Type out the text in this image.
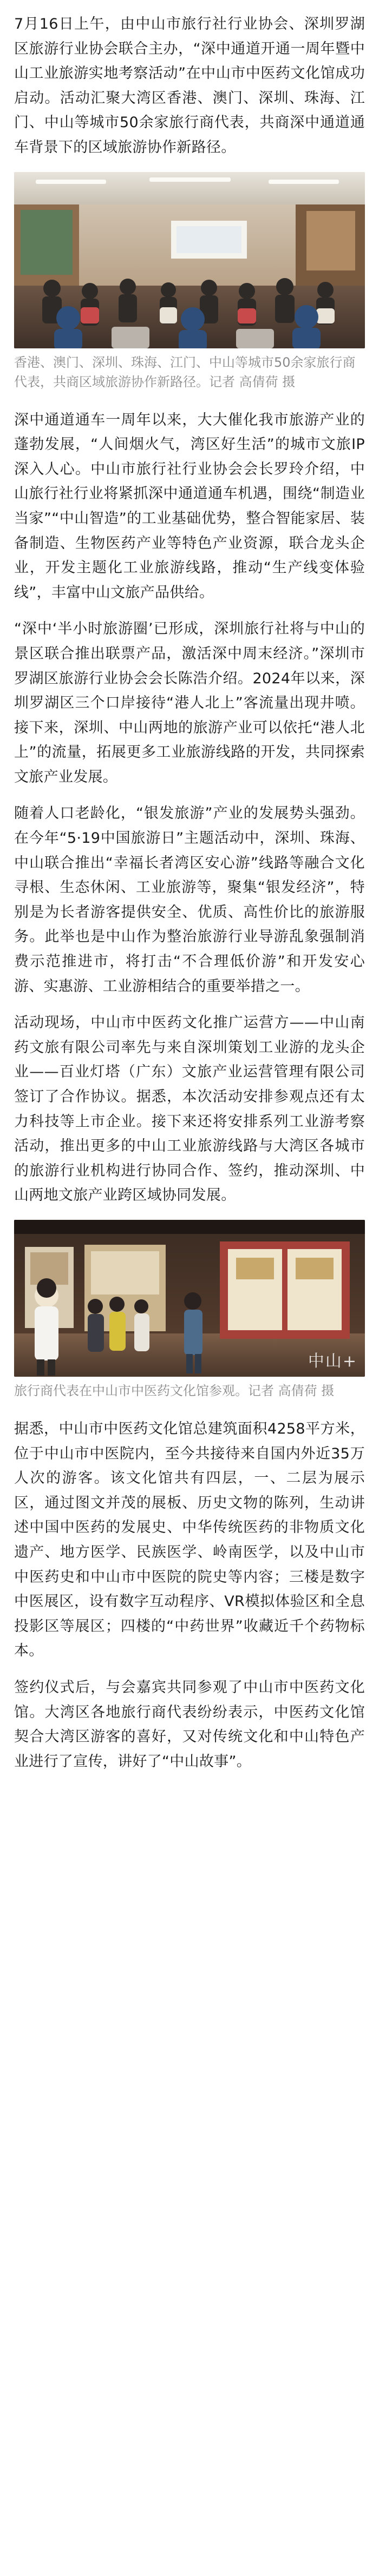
7月16日上午，由中山市旅行社行业协会、深圳罗湖区旅游行业协会联合主办，“深中通道开通一周年暨中山工业旅游实地考察活动”在中山市中医药文化馆成功启动。活动汇聚大湾区香港、澳门、深圳、珠海、江门、中山等城市50余家旅行商代表，共商深中通道通车背景下的区域旅游协作新路径。

香港、澳门、深圳、珠海、江门、中山等城市50余家旅行商代表，共商区域旅游协作新路径。记者 高倩荷 摄

深中通道通车一周年以来，大大催化我市旅游产业的蓬勃发展，“人间烟火气，湾区好生活”的城市文旅IP深入人心。中山市旅行社行业协会会长罗玲介绍，中山旅行社行业将紧抓深中通道通车机遇，围绕“制造业当家”“中山智造”的工业基础优势，整合智能家居、装备制造、生物医药产业等特色产业资源，联合龙头企业，开发主题化工业旅游线路，推动“生产线变体验线”，丰富中山文旅产品供给。

“深中‘半小时旅游圈’已形成，深圳旅行社将与中山的景区联合推出联票产品，激活深中周末经济。”深圳市罗湖区旅游行业协会会长陈浩介绍。2024年以来，深圳罗湖区三个口岸接待“港人北上”客流量出现井喷。接下来，深圳、中山两地的旅游产业可以依托“港人北上”的流量，拓展更多工业旅游线路的开发，共同探索文旅产业发展。

随着人口老龄化，“银发旅游”产业的发展势头强劲。在今年“5·19中国旅游日”主题活动中，深圳、珠海、中山联合推出“幸福长者湾区安心游”线路等融合文化寻根、生态休闲、工业旅游等，聚集“银发经济”，特别是为长者游客提供安全、优质、高性价比的旅游服务。此举也是中山作为整治旅游行业导游乱象强制消费示范推进市，将打击“不合理低价游”和开发安心游、实惠游、工业游相结合的重要举措之一。

活动现场，中山市中医药文化推广运营方——中山南药文旅有限公司率先与来自深圳策划工业游的龙头企业——百业灯塔（广东）文旅产业运营管理有限公司签订了合作协议。据悉，本次活动安排参观点还有太力科技等上市企业。接下来还将安排系列工业游考察活动，推出更多的中山工业旅游线路与大湾区各城市的旅游行业机构进行协同合作、签约，推动深圳、中山两地文旅产业跨区域协同发展。

中山+

旅行商代表在中山市中医药文化馆参观。记者 高倩荷 摄

据悉，中山市中医药文化馆总建筑面积4258平方米，位于中山市中医院内，至今共接待来自国内外近35万人次的游客。该文化馆共有四层，一、二层为展示区，通过图文并茂的展板、历史文物的陈列，生动讲述中国中医药的发展史、中华传统医药的非物质文化遗产、地方医学、民族医学、岭南医学，以及中山市中医药史和中山市中医院的院史等内容；三楼是数字中医展区，设有数字互动程序、VR模拟体验区和全息投影区等展区；四楼的“中药世界”收藏近千个药物标本。

签约仪式后，与会嘉宾共同参观了中山市中医药文化馆。大湾区各地旅行商代表纷纷表示，中医药文化馆契合大湾区游客的喜好，又对传统文化和中山特色产业进行了宣传，讲好了“中山故事”。
